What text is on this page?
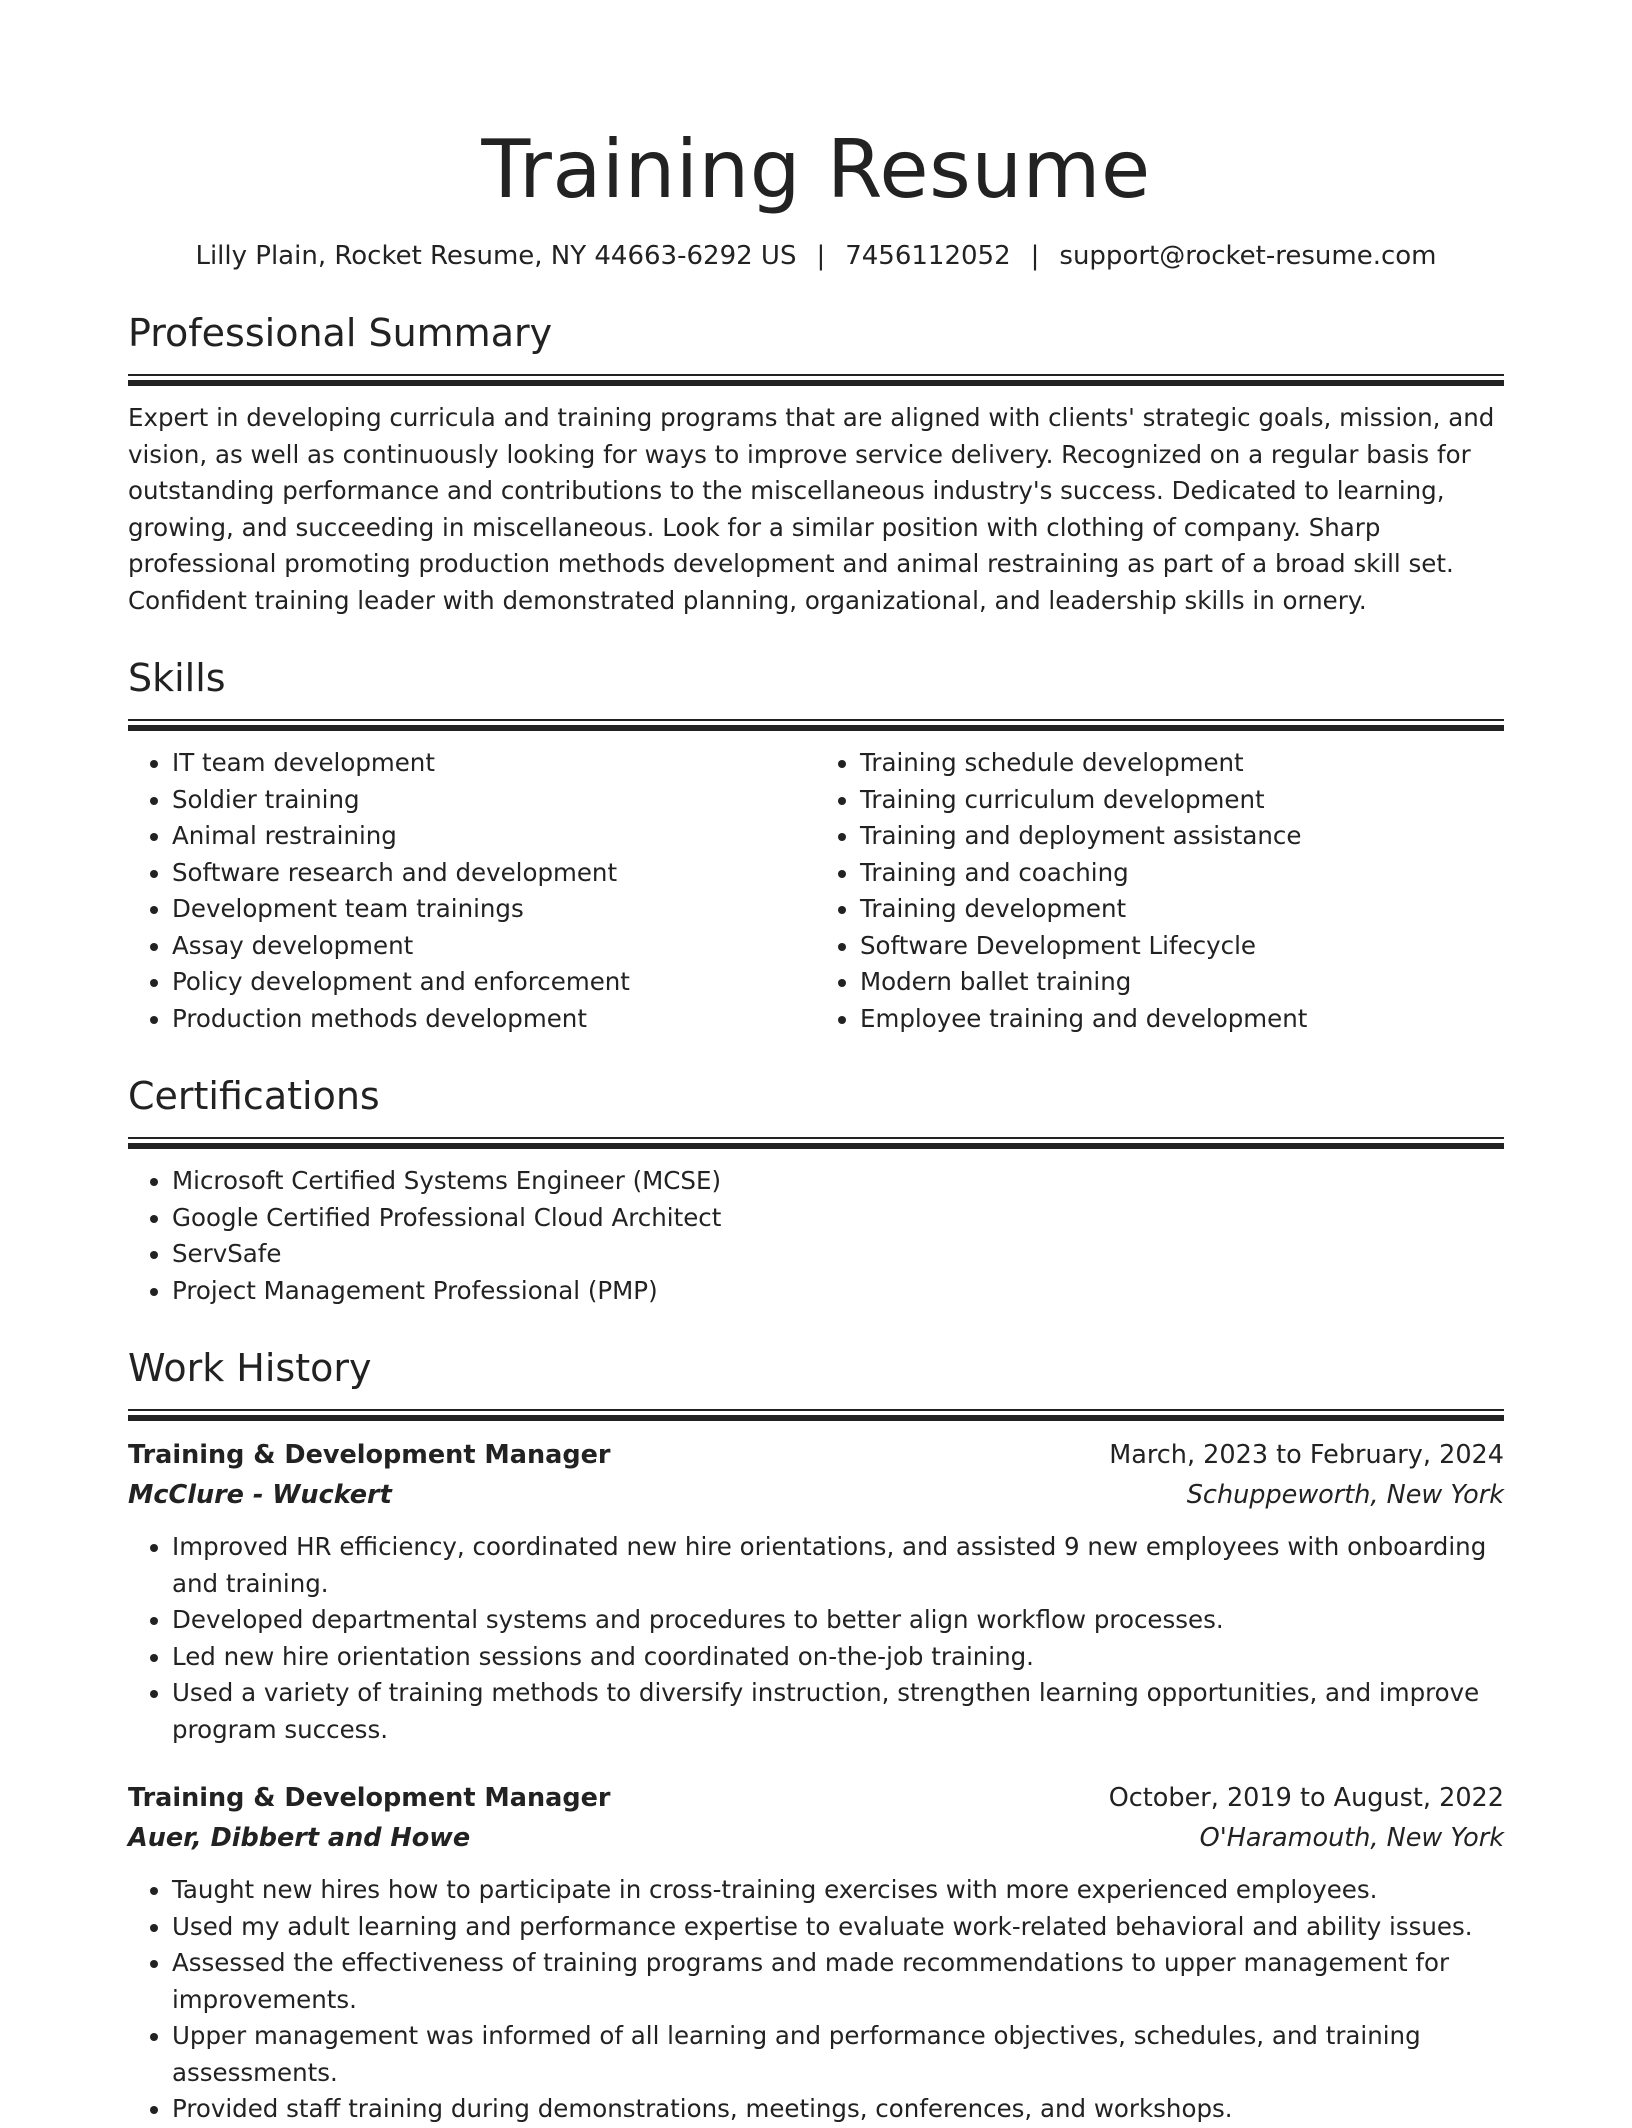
Training Resume
Lilly Plain, Rocket Resume, NY 44663-6292 US | 7456112052 | support@rocket-resume.com
Professional Summary

Expert in developing curricula and training programs that are aligned with clients' strategic goals, mission, and vision, as well as continuously looking for ways to improve service delivery. Recognized on a regular basis for outstanding performance and contributions to the miscellaneous industry's success. Dedicated to learning, growing, and succeeding in miscellaneous. Look for a similar position with clothing of company. Sharp professional promoting production methods development and animal restraining as part of a broad skill set. Confident training leader with demonstrated planning, organizational, and leadership skills in ornery.

Skills
• IT team development
• Soldier training
• Animal restraining
• Software research and development
• Development team trainings
• Assay development
• Policy development and enforcement
• Production methods development
• Training schedule development
• Training curriculum development
• Training and deployment assistance
• Training and coaching
• Training development
• Software Development Lifecycle
• Modern ballet training
• Employee training and development
Certifications
• Microsoft Certified Systems Engineer (MCSE)
• Google Certified Professional Cloud Architect
• ServSafe
• Project Management Professional (PMP)
Work History
Training & Development Manager	March, 2023 to February, 2024
McClure - Wuckert	Schuppeworth, New York
• Improved HR efficiency, coordinated new hire orientations, and assisted 9 new employees with onboarding and training.
• Developed departmental systems and procedures to better align workflow processes.
• Led new hire orientation sessions and coordinated on-the-job training.
• Used a variety of training methods to diversify instruction, strengthen learning opportunities, and improve program success.
Training & Development Manager	October, 2019 to August, 2022
Auer, Dibbert and Howe	O'Haramouth, New York
• Taught new hires how to participate in cross-training exercises with more experienced employees.
• Used my adult learning and performance expertise to evaluate work-related behavioral and ability issues.
• Assessed the effectiveness of training programs and made recommendations to upper management for improvements.
• Upper management was informed of all learning and performance objectives, schedules, and training assessments.
• Provided staff training during demonstrations, meetings, conferences, and workshops.
